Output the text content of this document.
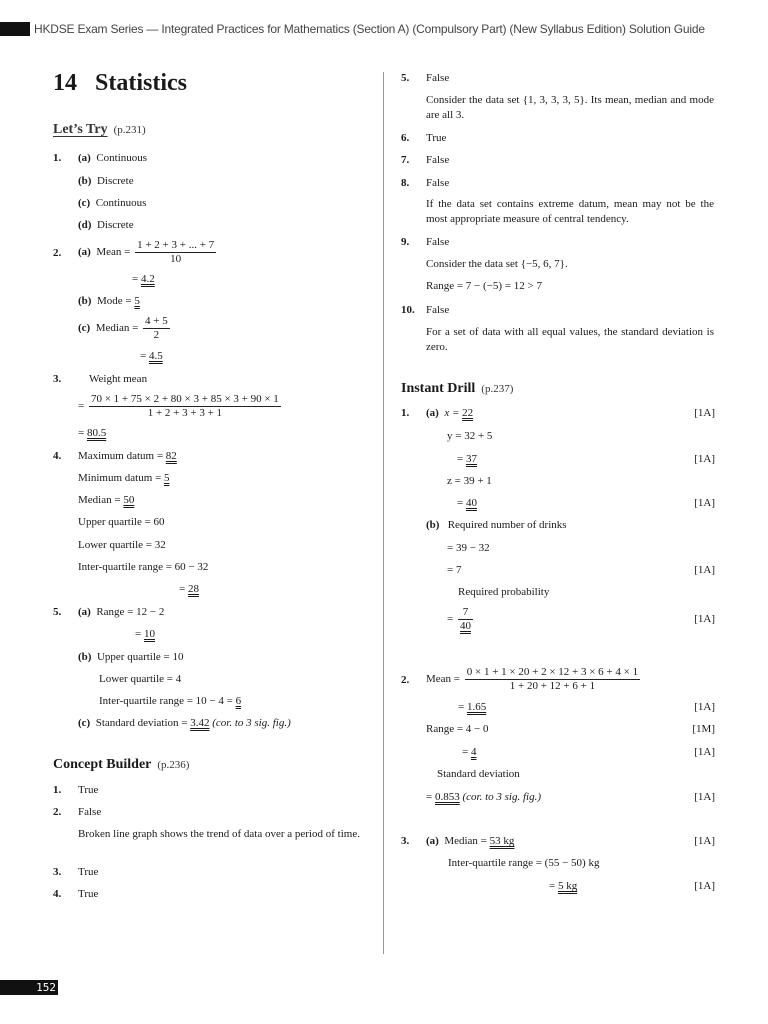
HKDSE Exam Series — Integrated Practices for Mathematics (Section A) (Compulsory Part) (New Syllabus Edition) Solution Guide
14 Statistics
Let’s Try (p.231)
1. (a) Continuous
(b) Discrete
(c) Continuous
(d) Discrete
2. (a) Mean = $\frac{1 + 2 + 3 + ... + 7}{10}$
= 4.2
(b) Mode = 5
(c) Median = $\frac{4 + 5}{2}$
= 4.5
3.	Weight mean
= $\frac{70 \times 1 + 75 \times 2 + 80 \times 3 + 85 \times 3 + 90 \times 1}{1 + 2 + 3 + 3 + 1}$
= 80.5
4. Maximum datum = 82
Minimum datum = 5
Median = 50
Upper quartile = 60
Lower quartile = 32
Inter-quartile range = 60 − 32
= 28
5. (a) Range = 12 − 2
= 10
(b) Upper quartile = 10
Lower quartile = 4
Inter-quartile range = 10 − 4 = 6
(c) Standard deviation = 3.42 (cor. to 3 sig. fig.)
Concept Builder (p.236)
1. True
2. False
Broken line graph shows the trend of data over a period of time.
3. True
4. True
5. False
Consider the data set {1, 3, 3, 3, 5}. Its mean, median and mode are all 3.
6. True
7. False
8. False
If the data set contains extreme datum, mean may not be the most appropriate measure of central tendency.
9. False
Consider the data set {−5, 6, 7}.
Range = 7 − (−5) = 12 > 7
10. False
For a set of data with all equal values, the standard deviation is zero.
Instant Drill (p.237)
1. (a) x = 22	[1A]
y = 32 + 5
= 37	[1A]
z = 39 + 1
= 40	[1A]
(b) Required number of drinks
= 39 − 32
= 7	[1A]
Required probability
= $\frac{7}{40}$	[1A]
2. Mean = $\frac{0 \times 1 + 1 \times 20 + 2 \times 12 + 3 \times 6 + 4 \times 1}{1 + 20 + 12 + 6 + 1}$
= 1.65	[1A]
Range = 4 − 0	[1M]
= 4	[1A]
Standard deviation
= 0.853 (cor. to 3 sig. fig.)	[1A]
3. (a) Median = 53 kg	[1A]
Inter-quartile range = (55 − 50) kg
= 5 kg	[1A]
152
